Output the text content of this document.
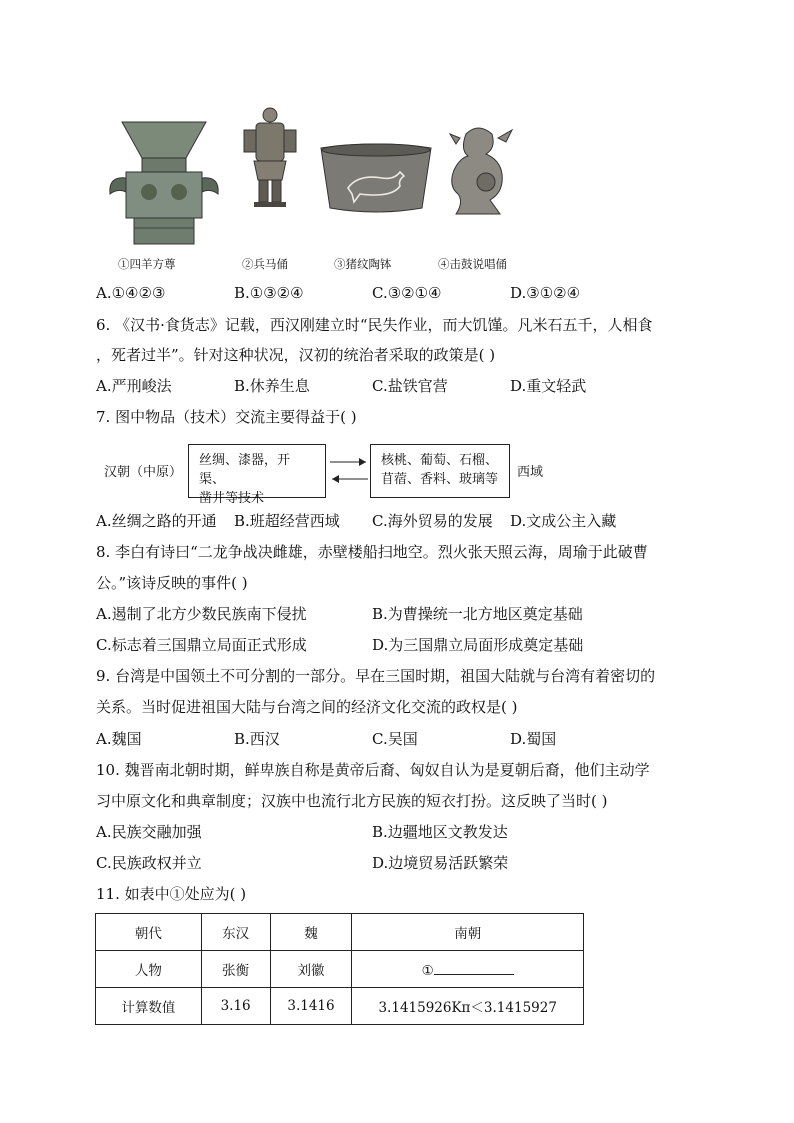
①四羊方尊	②兵马俑	③猪纹陶钵	④击鼓说唱俑
A.①④②③	B.①③②④	C.③②①④	D.③①②④
6. 《汉书·食货志》记载，西汉刚建立时“民失作业，而大饥馑。凡米石五千，人相食
，死者过半”。针对这种状况，汉初的统治者采取的政策是( )
A.严刑峻法	B.休养生息	C.盐铁官营	D.重文轻武
7. 图中物品（技术）交流主要得益于( )
汉朝（中原）
丝绸、漆器，开渠、
凿井等技术
核桃、葡萄、石榴、
苜蓿、香料、玻璃等 西域
A.丝绸之路的开通 B.班超经营西域 C.海外贸易的发展 D.文成公主入藏
8. 李白有诗曰“二龙争战决雌雄，赤壁楼船扫地空。烈火张天照云海，周瑜于此破曹
公。”该诗反映的事件( )
A.遏制了北方少数民族南下侵扰	B.为曹操统一北方地区奠定基础
C.标志着三国鼎立局面正式形成	D.为三国鼎立局面形成奠定基础
9. 台湾是中国领土不可分割的一部分。早在三国时期，祖国大陆就与台湾有着密切的
关系。当时促进祖国大陆与台湾之间的经济文化交流的政权是( )
A.魏国	B.西汉	C.吴国	D.蜀国
10. 魏晋南北朝时期，鲜卑族自称是黄帝后裔、匈奴自认为是夏朝后裔，他们主动学
习中原文化和典章制度；汉族中也流行北方民族的短衣打扮。这反映了当时( )
A.民族交融加强	B.边疆地区文教发达
C.民族政权并立	D.边境贸易活跃繁荣
11. 如表中①处应为( )
朝代	东汉	魏	南朝
人物	张衡	刘徽	①
计算数值	3.16	3.1416	3.1415926Kπ＜3.1415927
